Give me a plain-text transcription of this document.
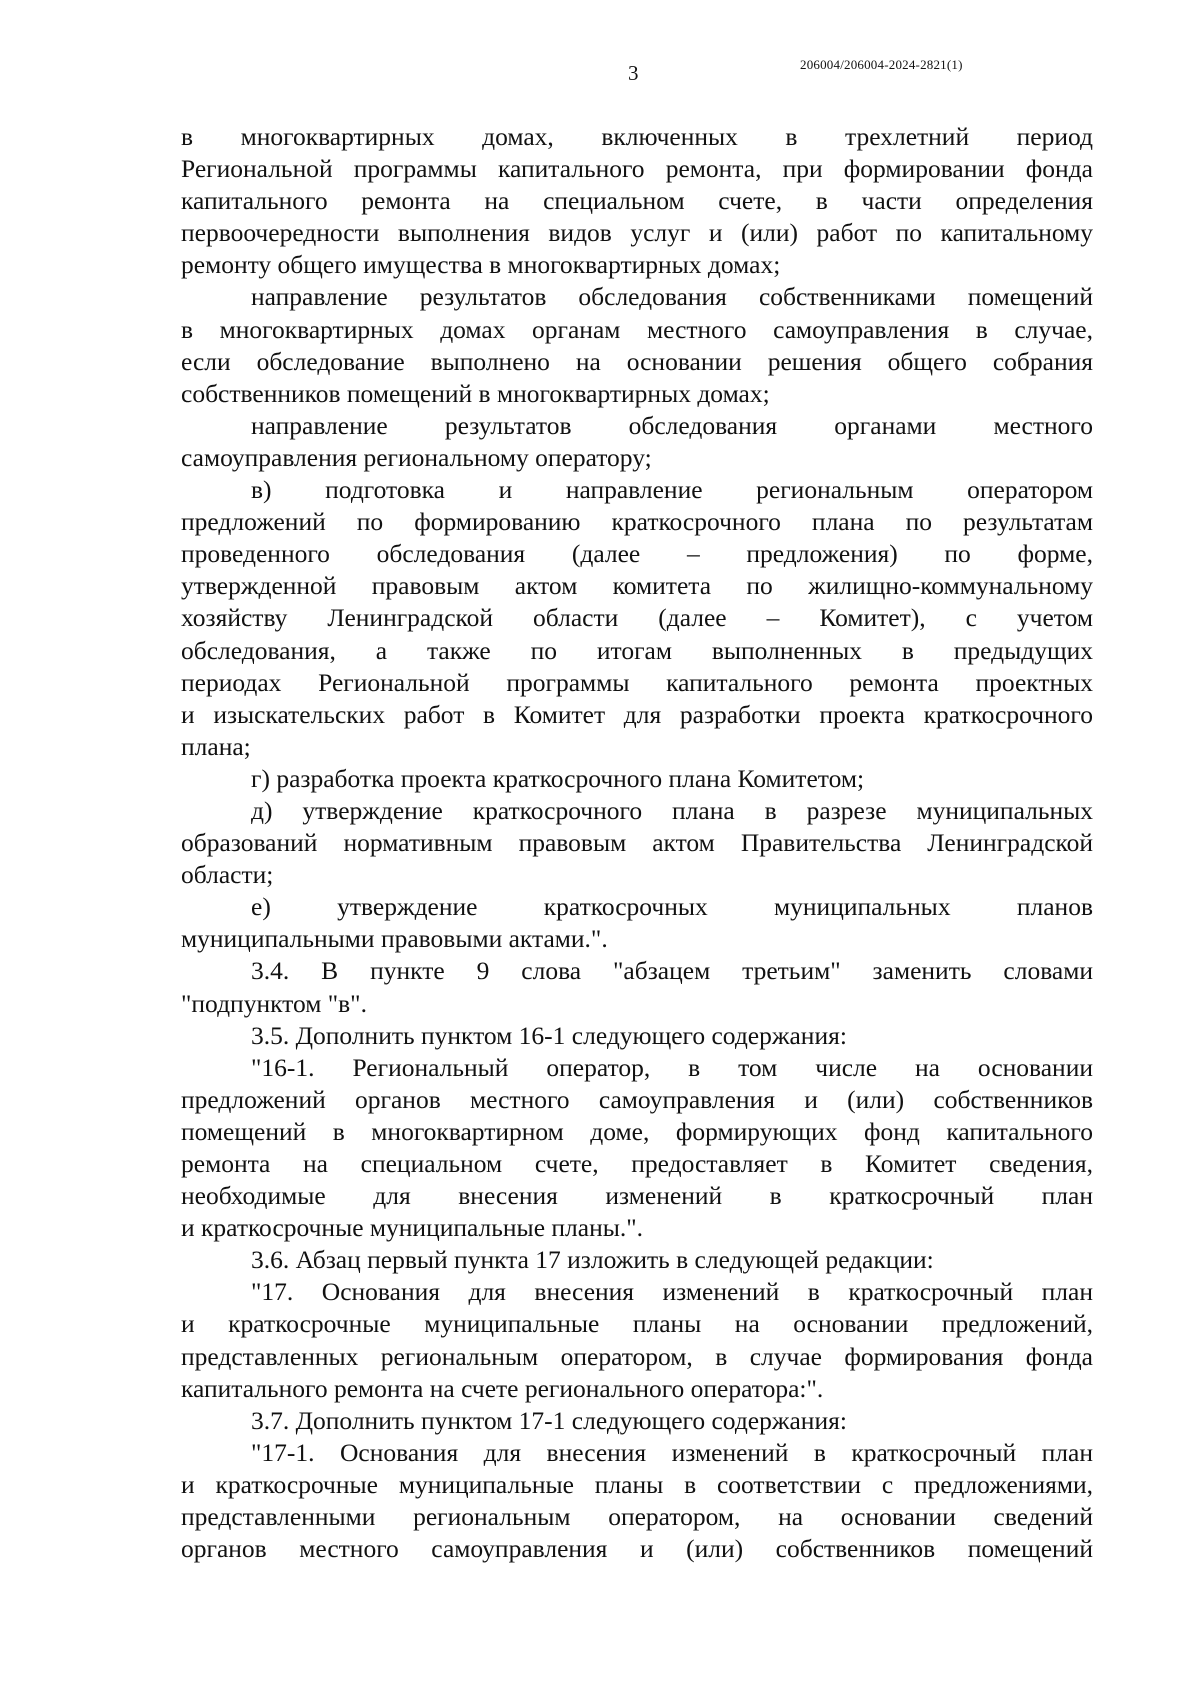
3	206004/206004-2024-2821(1)
в многоквартирных домах, включенных в трехлетний период
Региональной программы капитального ремонта, при формировании фонда
капитального ремонта на специальном счете, в части определения
первоочередности выполнения видов услуг и (или) работ по капитальному
ремонту общего имущества в многоквартирных домах;
направление результатов обследования собственниками помещений
в многоквартирных домах органам местного самоуправления в случае,
если обследование выполнено на основании решения общего собрания
собственников помещений в многоквартирных домах;
направление результатов обследования органами местного
самоуправления региональному оператору;
в) подготовка и направление региональным оператором
предложений по формированию краткосрочного плана по результатам
проведенного обследования (далее – предложения) по форме,
утвержденной правовым актом комитета по жилищно-коммунальному
хозяйству Ленинградской области (далее – Комитет), с учетом
обследования, а также по итогам выполненных в предыдущих
периодах Региональной программы капитального ремонта проектных
и изыскательских работ в Комитет для разработки проекта краткосрочного
плана;
г) разработка проекта краткосрочного плана Комитетом;
д) утверждение краткосрочного плана в разрезе муниципальных
образований нормативным правовым актом Правительства Ленинградской
области;
е) утверждение краткосрочных муниципальных планов
муниципальными правовыми актами.".
3.4. В пункте 9 слова "абзацем третьим" заменить словами
"подпунктом "в".
3.5. Дополнить пунктом 16-1 следующего содержания:
"16-1. Региональный оператор, в том числе на основании
предложений органов местного самоуправления и (или) собственников
помещений в многоквартирном доме, формирующих фонд капитального
ремонта на специальном счете, предоставляет в Комитет сведения,
необходимые для внесения изменений в краткосрочный план
и краткосрочные муниципальные планы.".
3.6. Абзац первый пункта 17 изложить в следующей редакции:
"17. Основания для внесения изменений в краткосрочный план
и краткосрочные муниципальные планы на основании предложений,
представленных региональным оператором, в случае формирования фонда
капитального ремонта на счете регионального оператора:".
3.7. Дополнить пунктом 17-1 следующего содержания:
"17-1. Основания для внесения изменений в краткосрочный план
и краткосрочные муниципальные планы в соответствии с предложениями,
представленными региональным оператором, на основании сведений
органов местного самоуправления и (или) собственников помещений
